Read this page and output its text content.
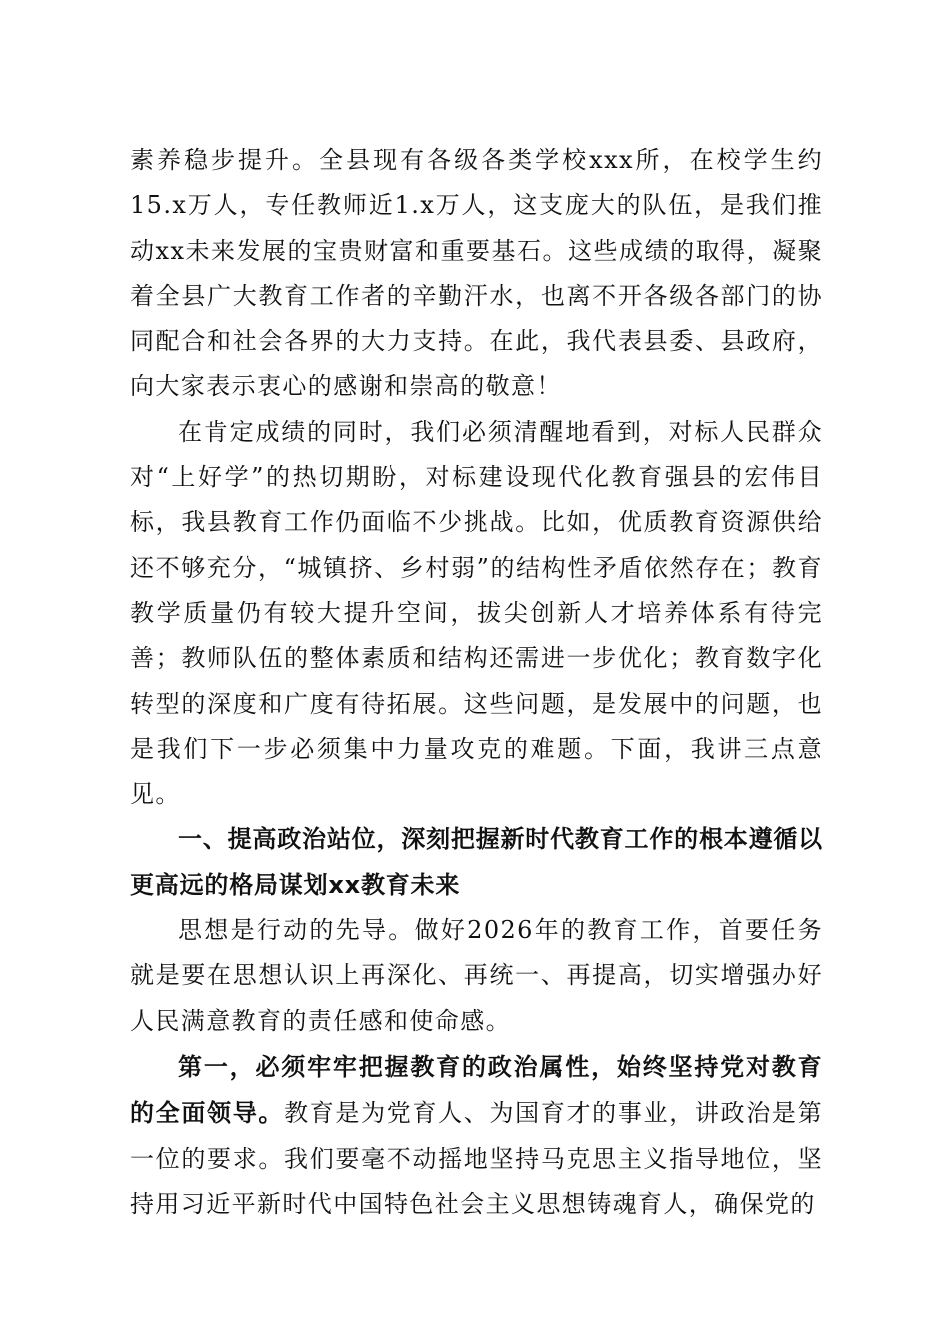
素养稳步提升。全县现有各级各类学校xxx所，在校学生约15.x万人，专任教师近1.x万人，这支庞大的队伍，是我们推动xx未来发展的宝贵财富和重要基石。这些成绩的取得，凝聚着全县广大教育工作者的辛勤汗水，也离不开各级各部门的协同配合和社会各界的大力支持。在此，我代表县委、县政府，向大家表示衷心的感谢和崇高的敬意！

在肯定成绩的同时，我们必须清醒地看到，对标人民群众对“上好学”的热切期盼，对标建设现代化教育强县的宏伟目标，我县教育工作仍面临不少挑战。比如，优质教育资源供给还不够充分，“城镇挤、乡村弱”的结构性矛盾依然存在；教育教学质量仍有较大提升空间，拔尖创新人才培养体系有待完善；教师队伍的整体素质和结构还需进一步优化；教育数字化转型的深度和广度有待拓展。这些问题，是发展中的问题，也是我们下一步必须集中力量攻克的难题。下面，我讲三点意见。

一、提高政治站位，深刻把握新时代教育工作的根本遵循以更高远的格局谋划xx教育未来

思想是行动的先导。做好2026年的教育工作，首要任务就是要在思想认识上再深化、再统一、再提高，切实增强办好人民满意教育的责任感和使命感。

第一，必须牢牢把握教育的政治属性，始终坚持党对教育的全面领导。教育是为党育人、为国育才的事业，讲政治是第一位的要求。我们要毫不动摇地坚持马克思主义指导地位，坚持用习近平新时代中国特色社会主义思想铸魂育人，确保党的
